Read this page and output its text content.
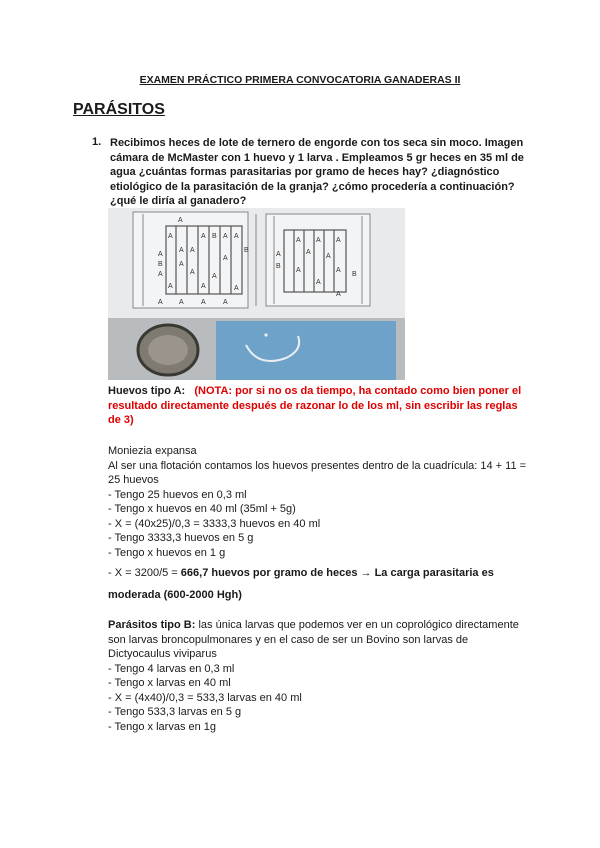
EXAMEN PRÁCTICO PRIMERA CONVOCATORIA GANADERAS II
PARÁSITOS
1. Recibimos heces de lote de ternero de engorde con tos seca sin moco. Imagen cámara de McMaster con 1 huevo y 1 larva . Empleamos 5 gr heces en 35 ml de agua ¿cuántas formas parasitarias por gramo de heces hay? ¿diagnóstico etiológico de la parasitación de la granja? ¿cómo procedería a continuación? ¿qué le diría al ganadero?
A
A	A B A A
A
A A	B
B A
A
A	A
A
A	A	A
A A A A
A A A
A	A
A
B
A	A
B
A
A
Huevos tipo A: (NOTA: por si no os da tiempo, ha contado como bien poner el resultado directamente después de razonar lo de los ml, sin escribir las reglas de 3)
Moniezia expansa
Al ser una flotación contamos los huevos presentes dentro de la cuadrícula: 14 + 11 = 25 huevos
- Tengo 25 huevos en 0,3 ml
- Tengo x huevos en 40 ml (35ml + 5g)
- X = (40x25)/0,3 = 3333,3 huevos en 40 ml
- Tengo 3333,3 huevos en 5 g
- Tengo x huevos en 1 g
- X = 3200/5 = 666,7 huevos por gramo de heces → La carga parasitaria es moderada (600-2000 Hgh)
Parásitos tipo B: las única larvas que podemos ver en un coprológico directamente son larvas broncopulmonares y en el caso de ser un Bovino son larvas de Dictyocaulus viviparus
- Tengo 4 larvas en 0,3 ml
- Tengo x larvas en 40 ml
- X = (4x40)/0,3 = 533,3 larvas en 40 ml
- Tengo 533,3 larvas en 5 g
- Tengo x larvas en 1g
